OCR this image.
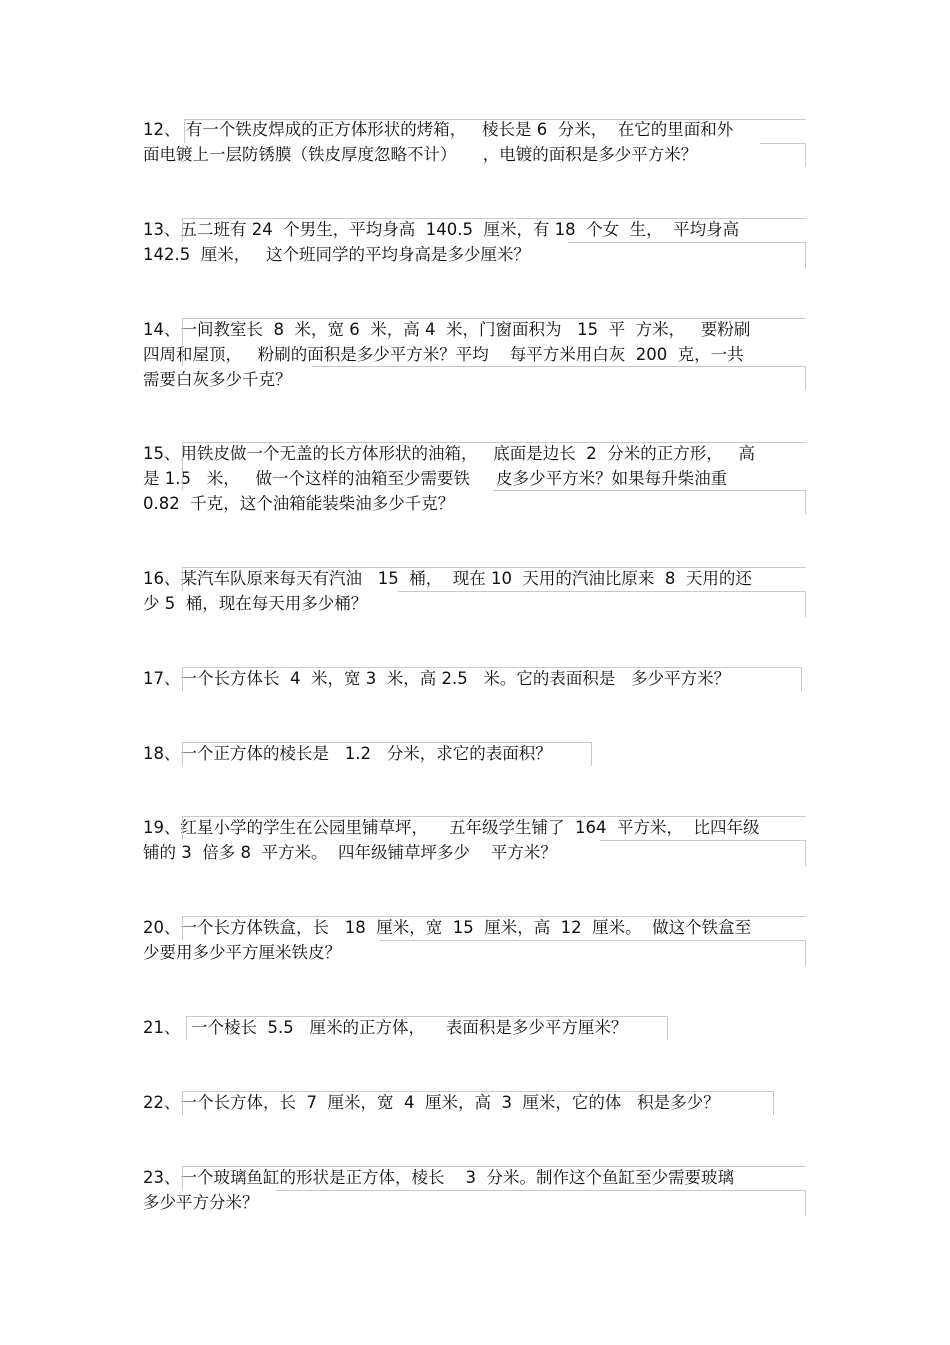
12、 有一个铁皮焊成的正方体形状的烤箱，   棱长是 6  分米，  在它的里面和外
面电镀上一层防锈膜（铁皮厚度忽略不计）     ，电镀的面积是多少平方米？
13、五二班有 24  个男生，平均身高  140.5  厘米，有 18  个女  生，  平均身高
142.5  厘米，   这个班同学的平均身高是多少厘米？
14、一间教室长  8  米，宽 6  米，高 4  米，门窗面积为   15  平  方米，   要粉刷
四周和屋顶，   粉刷的面积是多少平方米？平均    每平方米用白灰  200  克，一共
需要白灰多少千克？
15、用铁皮做一个无盖的长方体形状的油箱，   底面是边长  2  分米的正方形，   高
是 1.5   米，   做一个这样的油箱至少需要铁     皮多少平方米？如果每升柴油重
0.82  千克，这个油箱能装柴油多少千克？
16、某汽车队原来每天有汽油   15  桶，  现在 10  天用的汽油比原来  8  天用的还
少 5  桶，现在每天用多少桶？
17、一个长方体长  4  米，宽 3  米，高 2.5   米。它的表面积是   多少平方米？
18、一个正方体的棱长是   1.2   分米，求它的表面积？
19、红星小学的学生在公园里铺草坪，    五年级学生铺了  164  平方米，  比四年级
铺的 3  倍多 8  平方米。  四年级铺草坪多少    平方米？
20、一个长方体铁盒，长   18  厘米，宽  15  厘米，高  12  厘米。  做这个铁盒至
少要用多少平方厘米铁皮？
21、  一个棱长  5.5   厘米的正方体，    表面积是多少平方厘米？
22、一个长方体，长  7  厘米，宽  4  厘米，高  3  厘米，它的体   积是多少？
23、一个玻璃鱼缸的形状是正方体，棱长    3  分米。制作这个鱼缸至少需要玻璃
多少平方分米？
